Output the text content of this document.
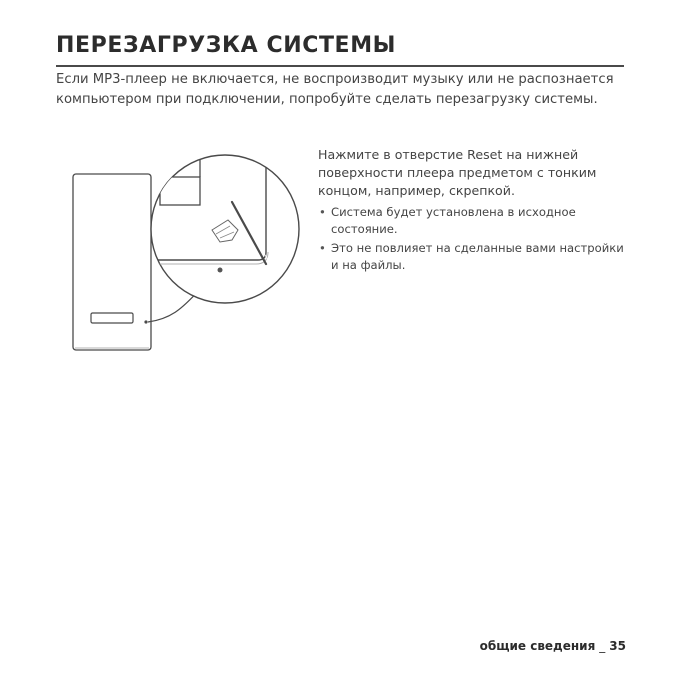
ПЕРЕЗАГРУЗКА СИСТЕМЫ

Если MP3-плеер не включается, не воспроизводит музыку или не распознается компьютером при подключении, попробуйте сделать перезагрузку системы.

Нажмите в отверстие Reset на нижней поверхности плеера предметом с тонким концом, например, скрепкой.

• Система будет установлена в исходное состояние.
• Это не повлияет на сделанные вами настройки и на файлы.
общие сведения _ 35
